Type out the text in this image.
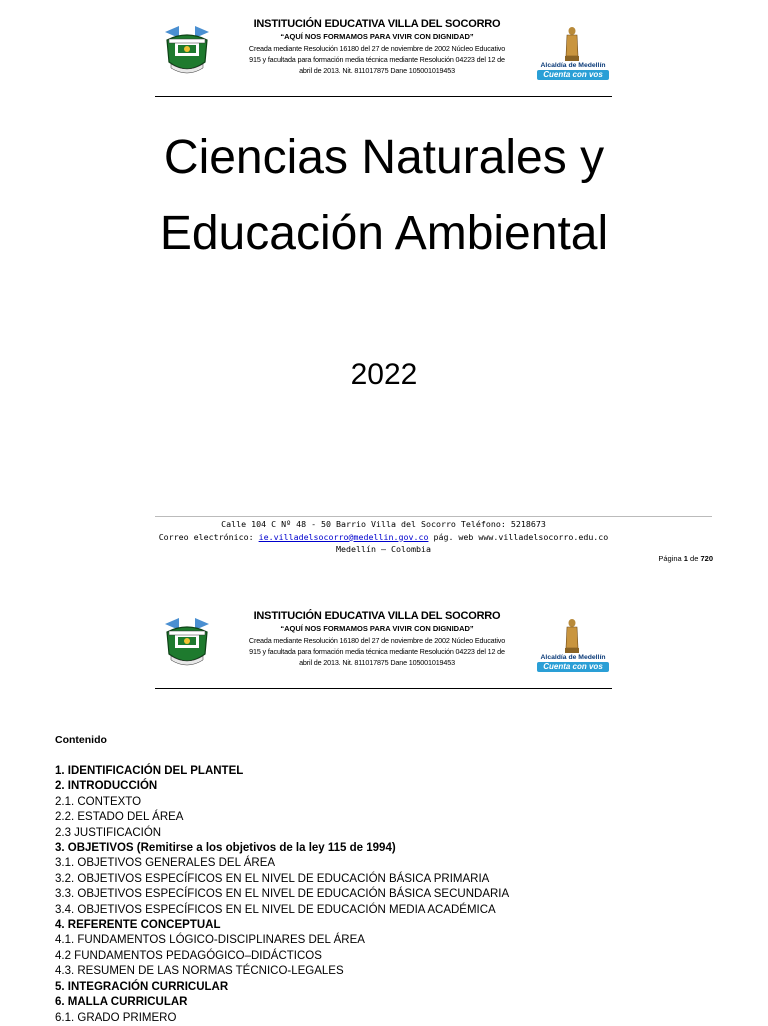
INSTITUCIÓN EDUCATIVA VILLA DEL SOCORRO
“AQUÍ NOS FORMAMOS PARA VIVIR CON DIGNIDAD”
Creada mediante Resolución 16180 del 27 de noviembre de 2002 Núcleo Educativo
915 y facultada para formación media técnica mediante Resolución 04223 del 12 de
abril de 2013. Nit. 811017875 Dane 105001019453
Alcaldía de Medellín
Cuenta con vos
Ciencias Naturales y
Educación Ambiental
2022
Calle 104 C Nº 48 - 50 Barrio Villa del Socorro Teléfono: 5218673
Correo electrónico: ie.villadelsocorro@medellin.gov.co pág. web www.villadelsocorro.edu.co
Medellín – Colombia
Página 1 de 720
INSTITUCIÓN EDUCATIVA VILLA DEL SOCORRO
“AQUÍ NOS FORMAMOS PARA VIVIR CON DIGNIDAD”
Creada mediante Resolución 16180 del 27 de noviembre de 2002 Núcleo Educativo
915 y facultada para formación media técnica mediante Resolución 04223 del 12 de
abril de 2013. Nit. 811017875 Dane 105001019453
Alcaldía de Medellín
Cuenta con vos
Contenido
1. IDENTIFICACIÓN DEL PLANTEL
2. INTRODUCCIÓN
2.1. CONTEXTO
2.2. ESTADO DEL ÁREA
2.3 JUSTIFICACIÓN
3. OBJETIVOS (Remitirse a los objetivos de la ley 115 de 1994)
3.1. OBJETIVOS GENERALES DEL ÁREA
3.2. OBJETIVOS ESPECÍFICOS EN EL NIVEL DE EDUCACIÓN BÁSICA PRIMARIA
3.3. OBJETIVOS ESPECÍFICOS EN EL NIVEL DE EDUCACIÓN BÁSICA SECUNDARIA
3.4. OBJETIVOS ESPECÍFICOS EN EL NIVEL DE EDUCACIÓN MEDIA ACADÉMICA
4. REFERENTE CONCEPTUAL
4.1. FUNDAMENTOS LÓGICO-DISCIPLINARES DEL ÁREA
4.2 FUNDAMENTOS PEDAGÓGICO–DIDÁCTICOS
4.3. RESUMEN DE LAS NORMAS TÉCNICO-LEGALES
5. INTEGRACIÓN CURRICULAR
6. MALLA CURRICULAR
6.1. GRADO PRIMERO
